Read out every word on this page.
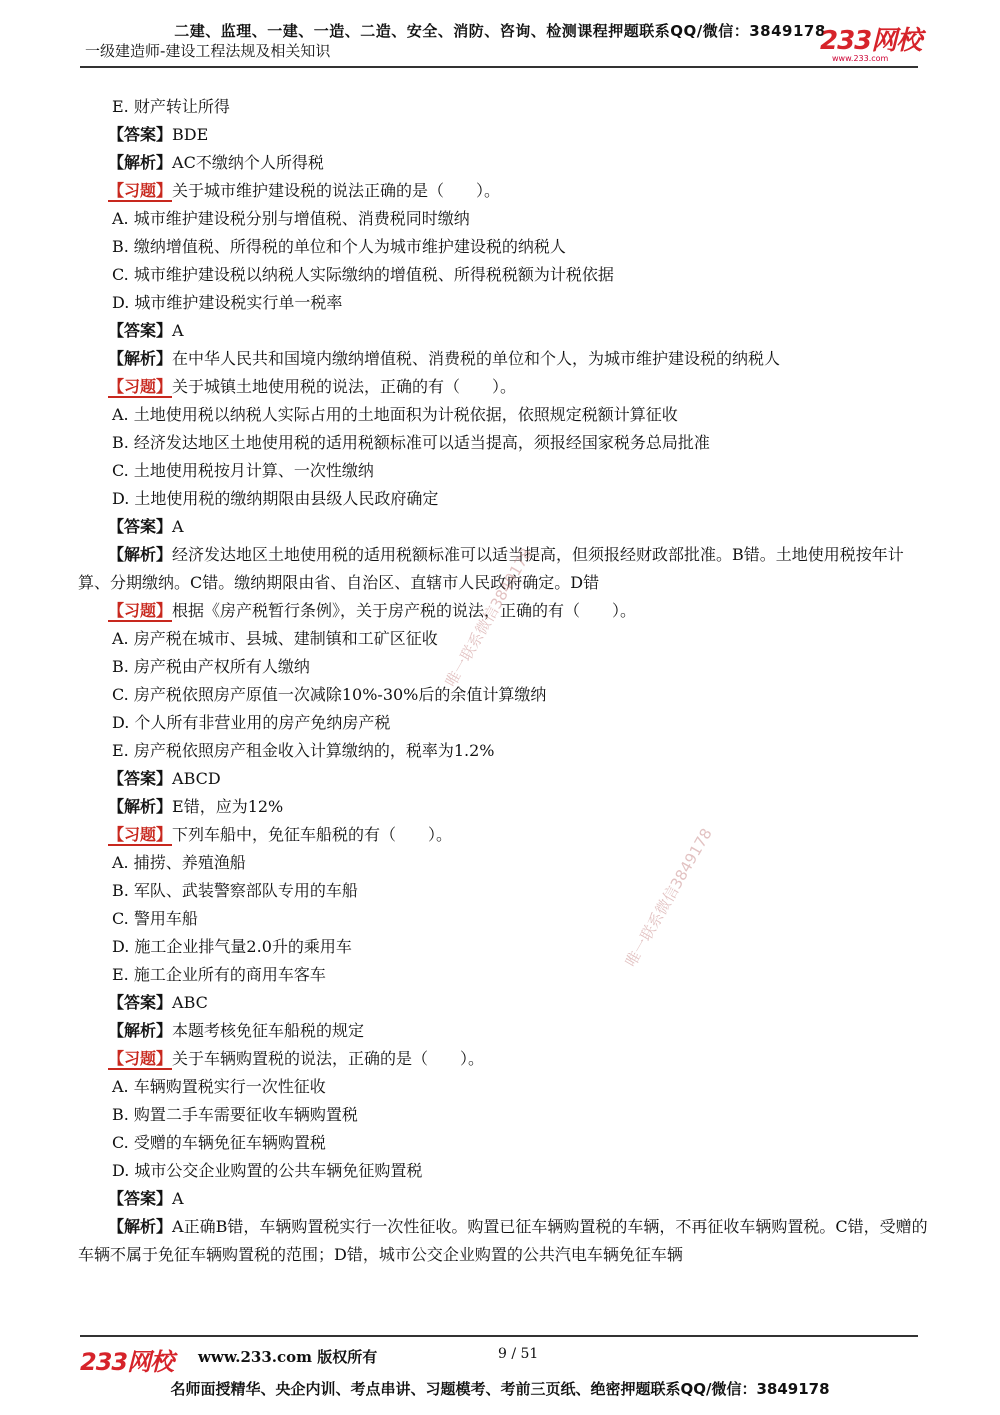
二建、监理、一建、一造、二造、安全、消防、咨询、检测课程押题联系QQ/微信：3849178
一级建造师-建设工程法规及相关知识	233网校
www.233.com
E. 财产转让所得
【答案】BDE
【解析】AC不缴纳个人所得税
【习题】关于城市维护建设税的说法正确的是（　　）。
A. 城市维护建设税分别与增值税、消费税同时缴纳
B. 缴纳增值税、所得税的单位和个人为城市维护建设税的纳税人
C. 城市维护建设税以纳税人实际缴纳的增值税、所得税税额为计税依据
D. 城市维护建设税实行单一税率
【答案】A
【解析】在中华人民共和国境内缴纳增值税、消费税的单位和个人，为城市维护建设税的纳税人
【习题】关于城镇土地使用税的说法，正确的有（　　）。
A. 土地使用税以纳税人实际占用的土地面积为计税依据，依照规定税额计算征收
B. 经济发达地区土地使用税的适用税额标准可以适当提高，须报经国家税务总局批准
C. 土地使用税按月计算、一次性缴纳
D. 土地使用税的缴纳期限由县级人民政府确定
【答案】A
【解析】经济发达地区土地使用税的适用税额标准可以适当提高，但须报经财政部批准。B错。土地使用税按年计算、分期缴纳。C错。缴纳期限由省、自治区、直辖市人民政府确定。D错
【习题】根据《房产税暂行条例》，关于房产税的说法，正确的有（　　）。
A. 房产税在城市、县城、建制镇和工矿区征收
B. 房产税由产权所有人缴纳
C. 房产税依照房产原值一次减除10%-30%后的余值计算缴纳
D. 个人所有非营业用的房产免纳房产税
E. 房产税依照房产租金收入计算缴纳的，税率为1.2%
【答案】ABCD
【解析】E错，应为12%
【习题】下列车船中，免征车船税的有（　　）。
A. 捕捞、养殖渔船
B. 军队、武装警察部队专用的车船
C. 警用车船
D. 施工企业排气量2.0升的乘用车
E. 施工企业所有的商用车客车
【答案】ABC
【解析】本题考核免征车船税的规定
【习题】关于车辆购置税的说法，正确的是（　　）。
A. 车辆购置税实行一次性征收
B. 购置二手车需要征收车辆购置税
C. 受赠的车辆免征车辆购置税
D. 城市公交企业购置的公共车辆免征购置税
【答案】A
【解析】A正确B错，车辆购置税实行一次性征收。购置已征车辆购置税的车辆，不再征收车辆购置税。C错，受赠的车辆不属于免征车辆购置税的范围；D错，城市公交企业购置的公共汽电车辆免征车辆
唯一联系微信3849178
唯一联系微信3849178
233网校 www.233.com 版权所有	9 / 51
名师面授精华、央企内训、考点串讲、习题模考、考前三页纸、绝密押题联系QQ/微信：3849178
